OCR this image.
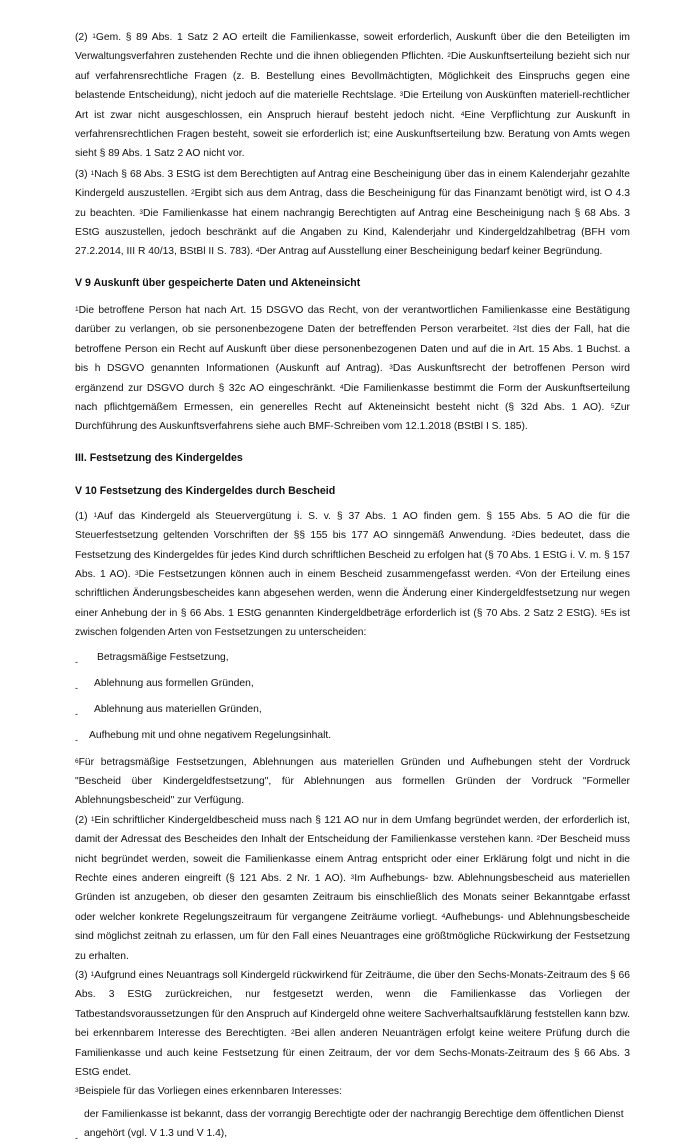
(2) $^1$Gem. § 89 Abs. 1 Satz 2 AO erteilt die Familienkasse, soweit erforderlich, Auskunft über die den Beteiligten im Verwaltungsverfahren zustehenden Rechte und die ihnen obliegenden Pflichten. $^2$Die Auskunftserteilung bezieht sich nur auf verfahrensrechtliche Fragen (z. B. Bestellung eines Bevollmächtigten, Möglichkeit des Einspruchs gegen eine belastende Entscheidung), nicht jedoch auf die materielle Rechtslage. $^3$Die Erteilung von Auskünften materiell-rechtlicher Art ist zwar nicht ausgeschlossen, ein Anspruch hierauf besteht jedoch nicht. $^4$Eine Verpflichtung zur Auskunft in verfahrensrechtlichen Fragen besteht, soweit sie erforderlich ist; eine Auskunftserteilung bzw. Beratung von Amts wegen sieht § 89 Abs. 1 Satz 2 AO nicht vor.

(3) $^1$Nach § 68 Abs. 3 EStG ist dem Berechtigten auf Antrag eine Bescheinigung über das in einem Kalenderjahr gezahlte Kindergeld auszustellen. $^2$Ergibt sich aus dem Antrag, dass die Bescheinigung für das Finanzamt benötigt wird, ist O 4.3 zu beachten. $^3$Die Familienkasse hat einem nachrangig Berechtigten auf Antrag eine Bescheinigung nach § 68 Abs. 3 EStG auszustellen, jedoch beschränkt auf die Angaben zu Kind, Kalenderjahr und Kindergeldzahlbetrag (BFH vom 27.2.2014, III R 40/13, BStBl II S. 783). $^4$Der Antrag auf Ausstellung einer Bescheinigung bedarf keiner Begründung.

V 9 Auskunft über gespeicherte Daten und Akteneinsicht

$^1$Die betroffene Person hat nach Art. 15 DSGVO das Recht, von der verantwortlichen Familienkasse eine Bestätigung darüber zu verlangen, ob sie personenbezogene Daten der betreffenden Person verarbeitet. $^2$Ist dies der Fall, hat die betroffene Person ein Recht auf Auskunft über diese personenbezogenen Daten und auf die in Art. 15 Abs. 1 Buchst. a bis h DSGVO genannten Informationen (Auskunft auf Antrag). $^3$Das Auskunftsrecht der betroffenen Person wird ergänzend zur DSGVO durch § 32c AO eingeschränkt. $^4$Die Familienkasse bestimmt die Form der Auskunftserteilung nach pflichtgemäßem Ermessen, ein generelles Recht auf Akteneinsicht besteht nicht (§ 32d Abs. 1 AO). $^5$Zur Durchführung des Auskunftsverfahrens siehe auch BMF-Schreiben vom 12.1.2018 (BStBl I S. 185).

III. Festsetzung des Kindergeldes
V 10 Festsetzung des Kindergeldes durch Bescheid

(1) $^1$Auf das Kindergeld als Steuervergütung i. S. v. § 37 Abs. 1 AO finden gem. § 155 Abs. 5 AO die für die Steuerfestsetzung geltenden Vorschriften der §§ 155 bis 177 AO sinngemäß Anwendung. $^2$Dies bedeutet, dass die Festsetzung des Kindergeldes für jedes Kind durch schriftlichen Bescheid zu erfolgen hat (§ 70 Abs. 1 EStG i. V. m. § 157 Abs. 1 AO). $^3$Die Festsetzungen können auch in einem Bescheid zusammengefasst werden. $^4$Von der Erteilung eines schriftlichen Änderungsbescheides kann abgesehen werden, wenn die Änderung einer Kindergeldfestsetzung nur wegen einer Anhebung der in § 66 Abs. 1 EStG genannten Kindergeldbeträge erforderlich ist (§ 70 Abs. 2 Satz 2 EStG). $^5$Es ist zwischen folgenden Arten von Festsetzungen zu unterscheiden:

- Betragsmäßige Festsetzung,
- Ablehnung aus formellen Gründen,
- Ablehnung aus materiellen Gründen,
- Aufhebung mit und ohne negativem Regelungsinhalt.

$^6$Für betragsmäßige Festsetzungen, Ablehnungen aus materiellen Gründen und Aufhebungen steht der Vordruck "Bescheid über Kindergeldfestsetzung", für Ablehnungen aus formellen Gründen der Vordruck "Formeller Ablehnungsbescheid" zur Verfügung.

(2) $^1$Ein schriftlicher Kindergeldbescheid muss nach § 121 AO nur in dem Umfang begründet werden, der erforderlich ist, damit der Adressat des Bescheides den Inhalt der Entscheidung der Familienkasse verstehen kann. $^2$Der Bescheid muss nicht begründet werden, soweit die Familienkasse einem Antrag entspricht oder einer Erklärung folgt und nicht in die Rechte eines anderen eingreift (§ 121 Abs. 2 Nr. 1 AO). $^3$Im Aufhebungs- bzw. Ablehnungsbescheid aus materiellen Gründen ist anzugeben, ob dieser den gesamten Zeitraum bis einschließlich des Monats seiner Bekanntgabe erfasst oder welcher konkrete Regelungszeitraum für vergangene Zeiträume vorliegt. $^4$Aufhebungs- und Ablehnungsbescheide sind möglichst zeitnah zu erlassen, um für den Fall eines Neuantrages eine größtmögliche Rückwirkung der Festsetzung zu erhalten.

(3) $^1$Aufgrund eines Neuantrags soll Kindergeld rückwirkend für Zeiträume, die über den Sechs-Monats-Zeitraum des § 66 Abs. 3 EStG zurückreichen, nur festgesetzt werden, wenn die Familienkasse das Vorliegen der Tatbestandsvoraussetzungen für den Anspruch auf Kindergeld ohne weitere Sachverhaltsaufklärung feststellen kann bzw. bei erkennbarem Interesse des Berechtigten. $^2$Bei allen anderen Neuanträgen erfolgt keine weitere Prüfung durch die Familienkasse und auch keine Festsetzung für einen Zeitraum, der vor dem Sechs-Monats-Zeitraum des § 66 Abs. 3 EStG endet.

$^3$Beispiele für das Vorliegen eines erkennbaren Interesses:

-
der Familienkasse ist bekannt, dass der vorrangig Berechtigte oder der nachrangig Berechtige dem öffentlichen Dienst angehört (vgl. V 1.3 und V 1.4),
